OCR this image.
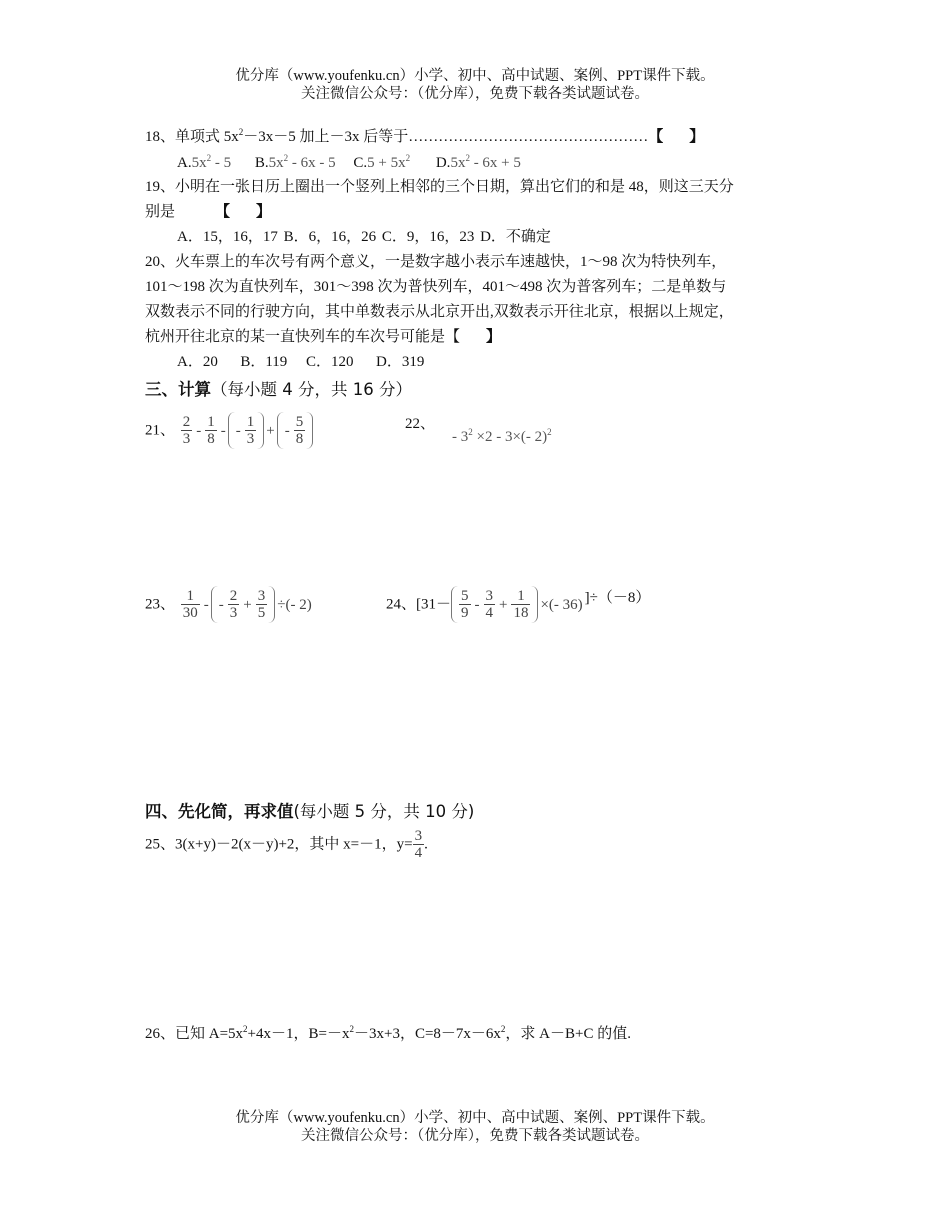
优分库（www.youfenku.cn）小学、初中、高中试题、案例、PPT课件下载。
关注微信公众号：（优分库），免费下载各类试题试卷。
18、单项式 $5x^2-3x-5$ 加上－3x 后等于…………………………………………【 】
$A.5x^2 - 5$ $B.5x^2 - 6x - 5$ $C.5 + 5x^2$ $D.5x^2 - 6x + 5$
19、小明在一张日历上圈出一个竖列上相邻的三个日期，算出它们的和是 48，则这三天分
别是	【 】
A．15，16，17 B．6，16，26 C．9，16，23 D．不确定
20、火车票上的车次号有两个意义，一是数字越小表示车速越快，1～98 次为特快列车，
101～198 次为直快列车，301～398 次为普快列车，401～498 次为普客列车；二是单数与
双数表示不同的行驶方向，其中单数表示从北京开出,双数表示开往北京，根据以上规定，
杭州开往北京的某一直快列车的车次号可能是【 】
A．20      B．119     C．120      D．319
三、计算（每小题 4 分，共 16 分）
21、 $\frac{2}{3} - \frac{1}{8}$ - - $\frac{1}{3}$ + - $\frac{5}{8}$	22、
- $3^2 \times 2 - 3\times(-$ 2)$^2$
23、 $\frac{1}{30}$ - - $\frac{2}{3} + \frac{3}{5}$ ÷(- 2)	24、[$31- \frac{5}{9} - \frac{3}{4} + \frac{1}{18}$ ×(- 36) ]÷（－8）
四、先化简，再求值(每小题 5 分，共 10 分)
25、3(x+y)－2(x－y)+2，其中 x=－1，$y= \frac{3}{4}$ .
26、已知 $A=5x^2+4x-1$，$B=-x^2-3x+3$，$C=8-7x-6x^2$，求 A－B+C 的值.
优分库（www.youfenku.cn）小学、初中、高中试题、案例、PPT课件下载。
关注微信公众号：（优分库），免费下载各类试题试卷。
